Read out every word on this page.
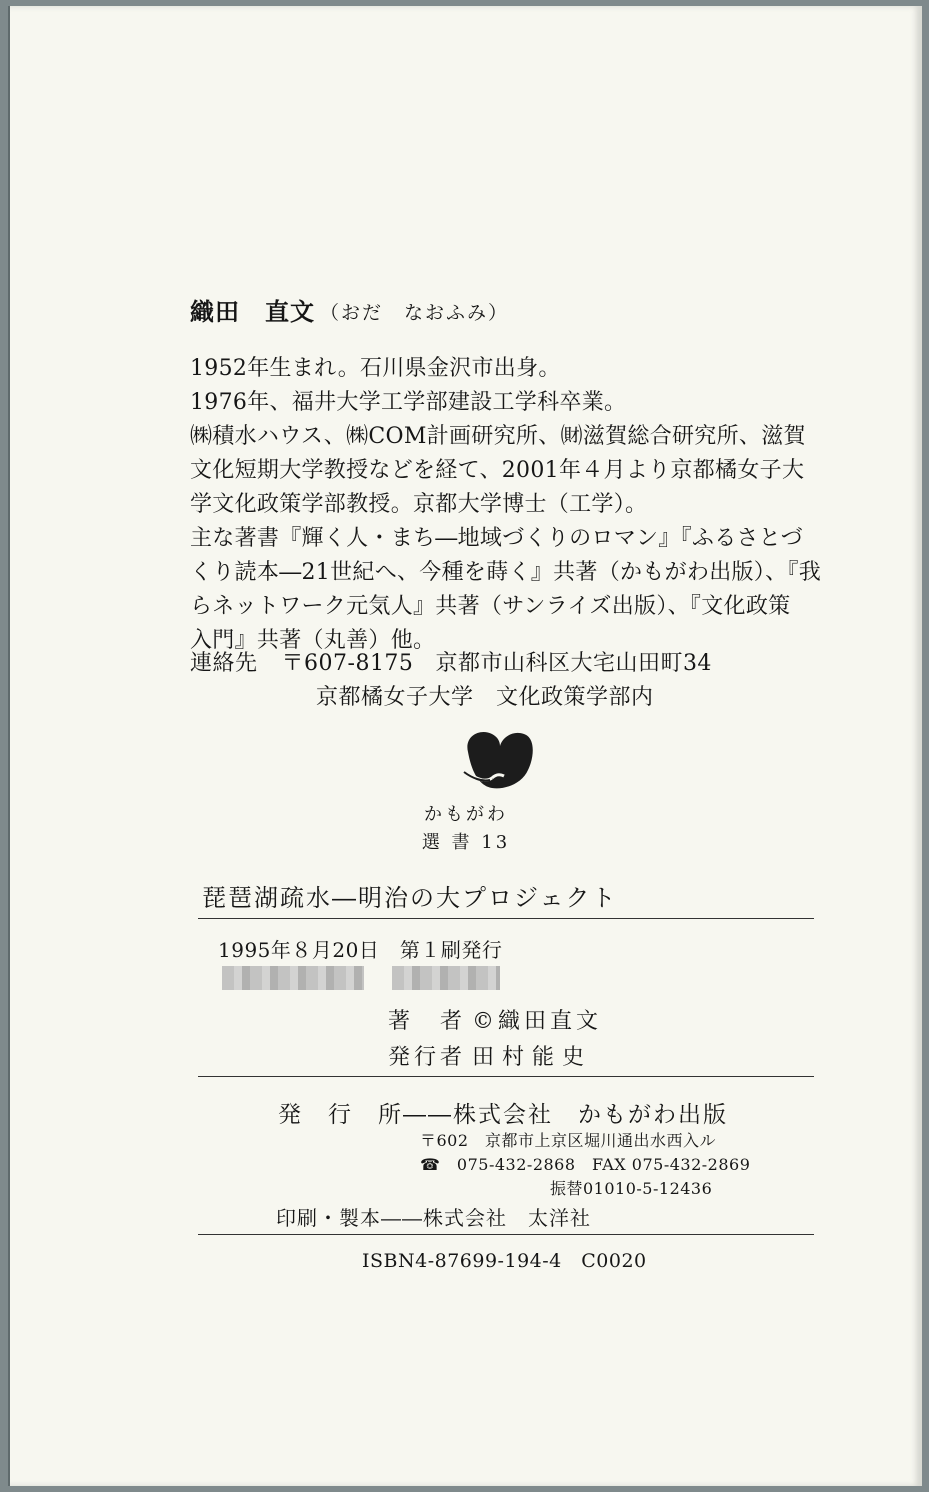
織田　直文 （おだ　なおふみ）
1952年生まれ。石川県金沢市出身。
1976年、福井大学工学部建設工学科卒業。
㈱積水ハウス、㈱COM計画研究所、㈶滋賀総合研究所、滋賀
文化短期大学教授などを経て、2001年４月より京都橘女子大
学文化政策学部教授。京都大学博士（工学）。
主な著書『輝く人・まち―地域づくりのロマン』『ふるさとづ
くり読本―21世紀へ、今種を蒔く』共著（かもがわ出版）、『我
らネットワーク元気人』共著（サンライズ出版）、『文化政策
入門』共著（丸善）他。
連絡先 〒607-8175 京都市山科区大宅山田町34
京都橘女子大学　文化政策学部内
かもがわ
選 書 13
琵琶湖疏水―明治の大プロジェクト
1995年８月20日　第１刷発行
著　者 ©織田直文
発行者 田村能史
発　行　所――株式会社　かもがわ出版
〒602　京都市上京区堀川通出水西入ル
☎　075-432-2868　FAX 075-432-2869
振替01010-5-12436
印刷・製本――株式会社　太洋社
ISBN4-87699-194-4　C0020
